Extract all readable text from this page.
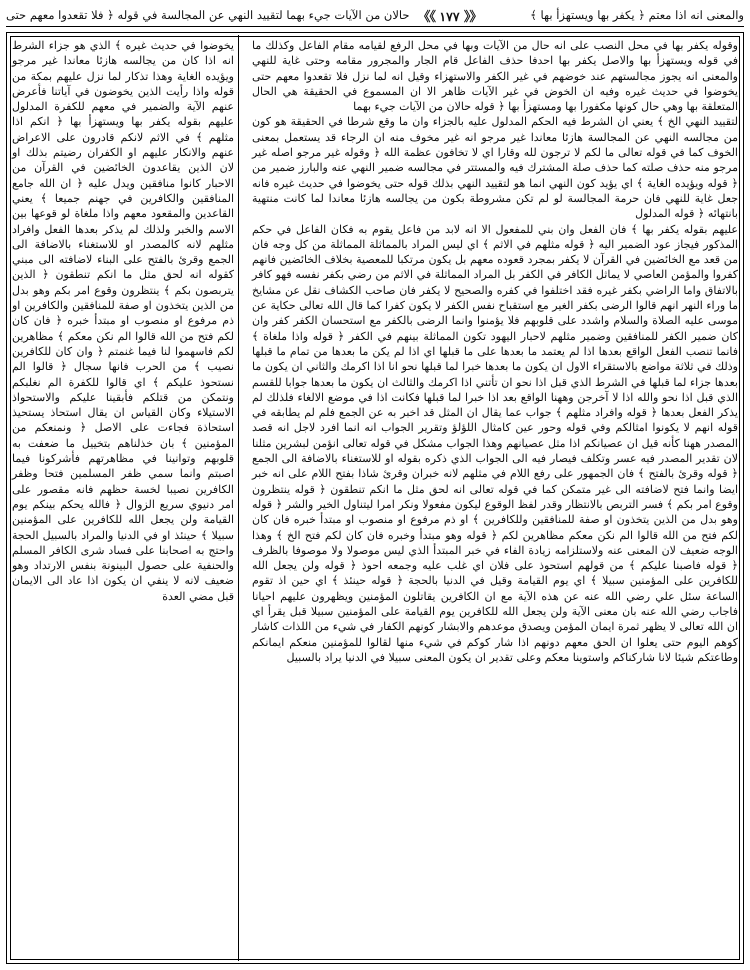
والمعنى انه اذا معتم ﴿ يكفر بها ويستهزأ بها ﴾
《《 ١٧٧ 》》
حالان من الآيات جيء بهما لتقييد النهي عن المجالسة في قوله ﴿ فلا تقعدوا معهم حتى

وقوله يكفر بها في محل النصب على انه حال من الآيات وبها في محل الرفع لقيامه مقام الفاعل وكذلك ما في قوله ويستهزأ بها والاصل يكفر بها احدفا حذف الفاعل قام الجار والمجرور مقامه وحتى غاية للنهي والمعنى انه يجوز مجالستهم عند خوضهم في غير الكفر والاستهزاء وقيل انه لما نزل فلا تقعدوا معهم حتى يخوضوا في حديث غيره وفيه ان الخوض في غير الآيات ظاهر الا ان المسموع في الحقيقة هي الحال المتعلقة بها وهي حال كونها مكفورا بها ومستهزأ بها ﴿ قوله حالان من الآيات جيء بهما

لتقييد النهي الخ ﴾ يعني ان الشرط فيه الحكم المدلول عليه بالجزاء وان ما وقع شرطا في الحقيقة هو كون من مجالسه النهي عن المجالسة هازئا معاندا غير مرجو انه غير مخوف منه ان الرجاء قد يستعمل بمعنى الخوف كما في قوله تعالى ما لكم لا ترجون لله وقارا اي لا تخافون عظمة الله ﴿ وقوله غير مرجو اصله غير مرجو منه حذف صلته كما حذف صلة المشترك فيه والمستتر في مجالسه ضمير النهي عنه والبارز ضمير من ﴿ قوله ويؤيده الغاية ﴾ اي يؤيد كون النهي انما هو لتقييد النهي بذلك قوله حتى يخوضوا في حديث غيره فانه جعل غاية للنهي فان حرمة المجالسة لو لم تكن مشروطة بكون من يجالسه هازئا معاندا لما كانت منتهية بانتهائه ﴿ قوله المدلول

عليهم بقوله يكفر بها ﴾ فان الفعل وان بني للمفعول الا انه لابد من فاعل يقوم به فكان الفاعل في حكم المذكور فيجاز عود الضمير اليه ﴿ قوله مثلهم في الاثم ﴾ اي ليس المراد بالمماثلة المماثلة من كل وجه فان من قعد مع الخائضين في القرآن لا يكفر بمجرد قعوده معهم بل يكون مرتكبا للمعصية بخلاف الخائضين فانهم كفروا والمؤمن العاصي لا يماثل الكافر في الكفر بل المراد المماثلة في الاثم من رضي بكفر نفسه فهو كافر بالاتفاق واما الراضي بكفر غيره فقد اختلفوا في كفره والصحيح لا يكفر فان صاحب الكشاف نقل عن مشايخ ما وراء النهر انهم قالوا الرضى بكفر الغير مع استقباح نفس الكفر لا يكون كفرا كما قال الله تعالى حكاية عن موسى عليه الصلاة والسلام واشدد على قلوبهم فلا يؤمنوا وانما الرضى بالكفر مع استحسان الكفر كفر وان كان ضمير الكفر للمنافقين وضمير مثلهم لاحبار اليهود تكون المماثلة بينهم في الكفر ﴿ قوله واذا ملغاة ﴾ فانما تنصب الفعل الواقع بعدها اذا لم يعتمد ما بعدها على ما قبلها اي اذا لم يكن ما بعدها من تمام ما قبلها وذلك في ثلاثة مواضع بالاستقراء الاول ان يكون ما بعدها خبرا لما قبلها نحو انا اذا اكرمك والثاني ان يكون ما بعدها جزاء لما قبلها في الشرط الذي قبل اذا نحو ان تأتني اذا اكرمك والثالث ان يكون ما بعدها جوابا للقسم الذي قبل اذا نحو والله اذا لا آخرجن وههنا الواقع بعد اذا خبرا لما قبلها فكانت اذا في موضع الالغاء فلذلك لم يذكر الفعل بعدها ﴿ قوله وافراد مثلهم ﴾ جواب عما يقال ان المثل قد اخبر به عن الجمع فلم لم يطابقه في قوله انهم لا يكونوا امثالكم وفي قوله وحور عين كامثال اللؤلؤ وتقرير الجواب انه انما افرد لاجل انه قصد المصدر ههنا كأنه قيل ان عصيانكم اذا مثل عصيانهم وهذا الجواب مشكل في قوله تعالى انؤمن لبشرين مثلنا لان تقدير المصدر فيه عسر وتكلف فيصار فيه الى الجواب الذي ذكره بقوله او للاستغناء بالاضافة الى الجمع ﴿ قوله وقرئ بالفتح ﴾ فان الجمهور على رفع اللام في مثلهم لانه خبران وقرئ شاذا بفتح اللام على انه خبر ايضا وانما فتح لاضافته الى غير متمكن كما في قوله تعالى انه لحق مثل ما انكم تنطقون ﴿ قوله ينتظرون وقوع امر بكم ﴾ فسر التربص بالانتظار وقدر لفظ الوقوع ليكون مفعولا ونكر امرا ليتناول الخير والشر ﴿ قوله وهو بدل من الذين يتخذون او صفة للمنافقين وللكافرين ﴾ او ذم مرفوع او منصوب او مبتدأ خبره فان كان لكم فتح من الله قالوا الم نكن معكم مظاهرين لكم ﴿ قوله وهو مبتدأ وخبره فان كان لكم فتح الخ ﴾ وهذا الوجه ضعيف لان المعنى عنه ولاستلزامه زيادة الفاء في خبر المبتدأ الذي ليس موصولا ولا موصوفا بالظرف ﴿ قوله فاصبنا عليكم ﴾ من قولهم استحوذ على فلان اي غلب عليه وجمعه احوذ ﴿ قوله ولن يجعل الله للكافرين على المؤمنين سبيلا ﴾ اي يوم القيامة وقيل في الدنيا بالحجة ﴿ قوله حينئذ ﴾ اي حين اذ تقوم الساعة سئل علي رضي الله عنه عن هذه الآية مع ان الكافرين يقاتلون المؤمنين ويظهرون عليهم احيانا فاجاب رضي الله عنه بان معنى الآية ولن يجعل الله للكافرين يوم القيامة على المؤمنين سبيلا قبل يقرأ اي ان الله تعالى لا يظهر ثمرة ايمان المؤمن ويصدق موعدهم والابشار كونهم الكفار في شيء من اللذات كاشار كوهم اليوم حتى يعلوا ان الحق معهم دونهم اذا شار كوكم في شيء منها لقالوا للمؤمنين منعكم ايمانكم وطاعتكم شيئا لانا شاركناكم واستوينا معكم وعلى تقدير ان يكون المعنى سبيلا في الدنيا يراد بالسبيل

يخوضوا في حديث غيره ﴾ الذي هو جزاء الشرط انه اذا كان من يجالسه هازئا معاندا غير مرجو ويؤيده الغاية وهذا تذكار لما نزل عليهم بمكة من قوله واذا رأيت الذين يخوضون في آياتنا فأعرض عنهم الآية والضمير في معهم للكفرة المدلول عليهم بقوله يكفر بها ويستهزأ بها ﴿ انكم اذا مثلهم ﴾ في الاثم لانكم قادرون على الاعراض عنهم والانكار عليهم او الكفران رضيتم بذلك او لان الذين يقاعدون الخائضين في القرآن من الاحبار كانوا منافقين ويدل عليه ﴿ ان الله جامع المنافقين والكافرين في جهنم جميعا ﴾ يعني القاعدين والمقعود معهم واذا ملغاة لو قوعها بين الاسم والخبر ولذلك لم يذكر بعدها الفعل وافراد مثلهم لانه كالمصدر او للاستغناء بالاضافة الى الجمع وقرئ بالفتح على البناء لاضافته الى مبني كقوله انه لحق مثل ما انكم تنطقون ﴿ الذين يتربصون بكم ﴾ ينتظرون وقوع امر بكم وهو بدل من الذين يتخذون او صفة للمنافقين والكافرين او ذم مرفوع او منصوب او مبتدأ خبره ﴿ فان كان لكم فتح من الله قالوا الم نكن معكم ﴾ مظاهرين لكم فاسهموا لنا فيما غنمتم ﴿ وان كان للكافرين نصيب ﴾ من الحرب فانها سجال ﴿ قالوا الم نستحوذ عليكم ﴾ اي قالوا للكفرة الم نغلبكم ونتمكن من قتلكم فأبقينا عليكم والاستحواذ الاستيلاء وكان القياس ان يقال استحاذ يستحيذ استحاذة فجاءت على الاصل ﴿ ونمنعكم من المؤمنين ﴾ بان خذلناهم بتخييل ما ضعفت به قلوبهم وتوانينا في مظاهرتهم فأشركونا فيما اصبتم وانما سمي ظفر المسلمين فتحا وظفر الكافرين نصيبا لخسة حظهم فانه مقصور على امر دنيوي سريع الزوال ﴿ فالله يحكم بينكم يوم القيامة ولن يجعل الله للكافرين على المؤمنين سبيلا ﴾ حينئذ او في الدنيا والمراد بالسبيل الحجة واحتج به اصحابنا على فساد شرى الكافر المسلم والحنفية على حصول البينونة بنفس الارتداد وهو ضعيف لانه لا ينفي ان يكون اذا عاد الى الايمان قبل مضي العدة
